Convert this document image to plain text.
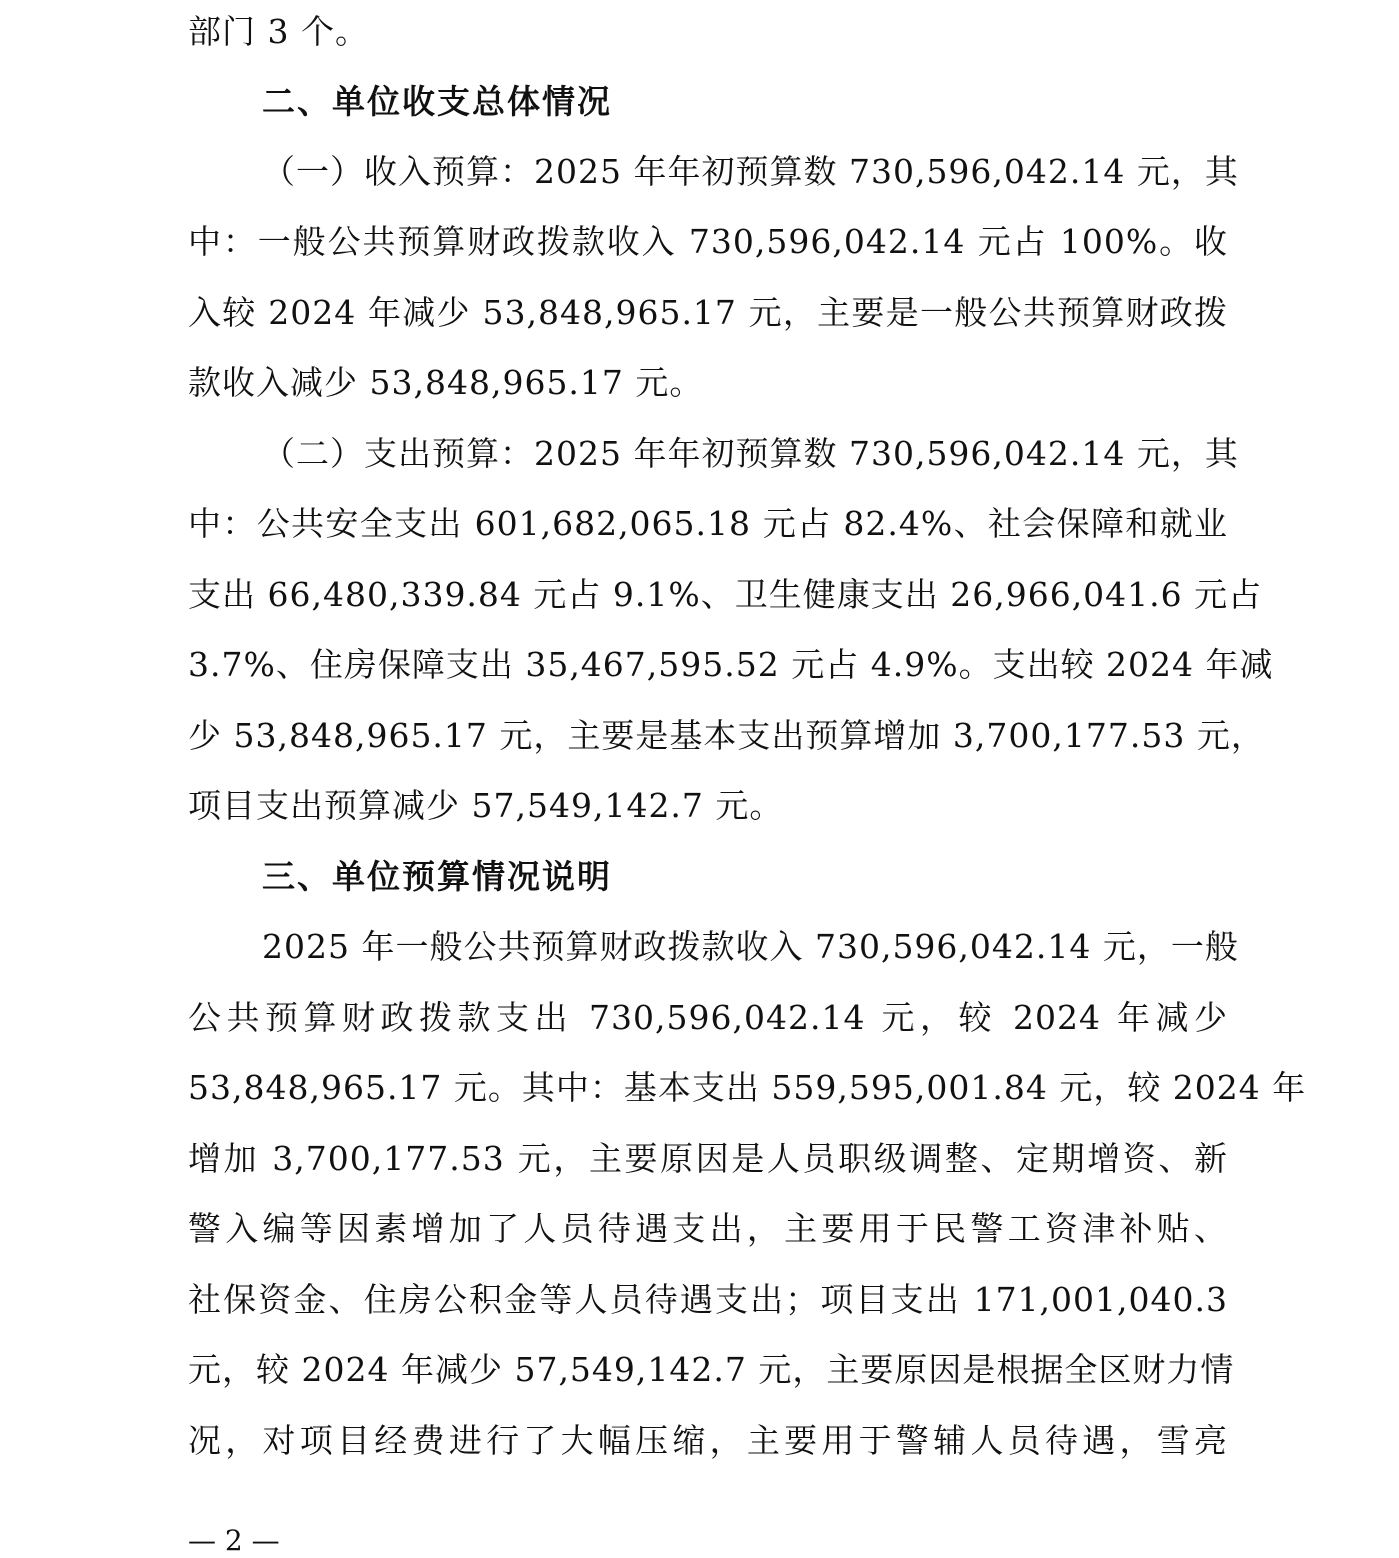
部门 3 个。
二、单位收支总体情况
（一）收入预算：2025 年年初预算数 730,596,042.14 元，其
中：一般公共预算财政拨款收入 730,596,042.14 元占 100%。收
入较 2024 年减少 53,848,965.17 元，主要是一般公共预算财政拨
款收入减少 53,848,965.17 元。
（二）支出预算：2025 年年初预算数 730,596,042.14 元，其
中：公共安全支出 601,682,065.18 元占 82.4%、社会保障和就业
支出 66,480,339.84 元占 9.1%、卫生健康支出 26,966,041.6 元占
3.7%、住房保障支出 35,467,595.52 元占 4.9%。支出较 2024 年减
少 53,848,965.17 元，主要是基本支出预算增加 3,700,177.53 元，
项目支出预算减少 57,549,142.7 元。
三、单位预算情况说明
2025 年一般公共预算财政拨款收入 730,596,042.14 元，一般
公共预算财政拨款支出 730,596,042.14 元，较 2024 年减少
53,848,965.17 元。其中：基本支出 559,595,001.84 元，较 2024 年
增加 3,700,177.53 元，主要原因是人员职级调整、定期增资、新
警入编等因素增加了人员待遇支出，主要用于民警工资津补贴、
社保资金、住房公积金等人员待遇支出；项目支出 171,001,040.3
元，较 2024 年减少 57,549,142.7 元，主要原因是根据全区财力情
况，对项目经费进行了大幅压缩，主要用于警辅人员待遇，雪亮
— 2 —
